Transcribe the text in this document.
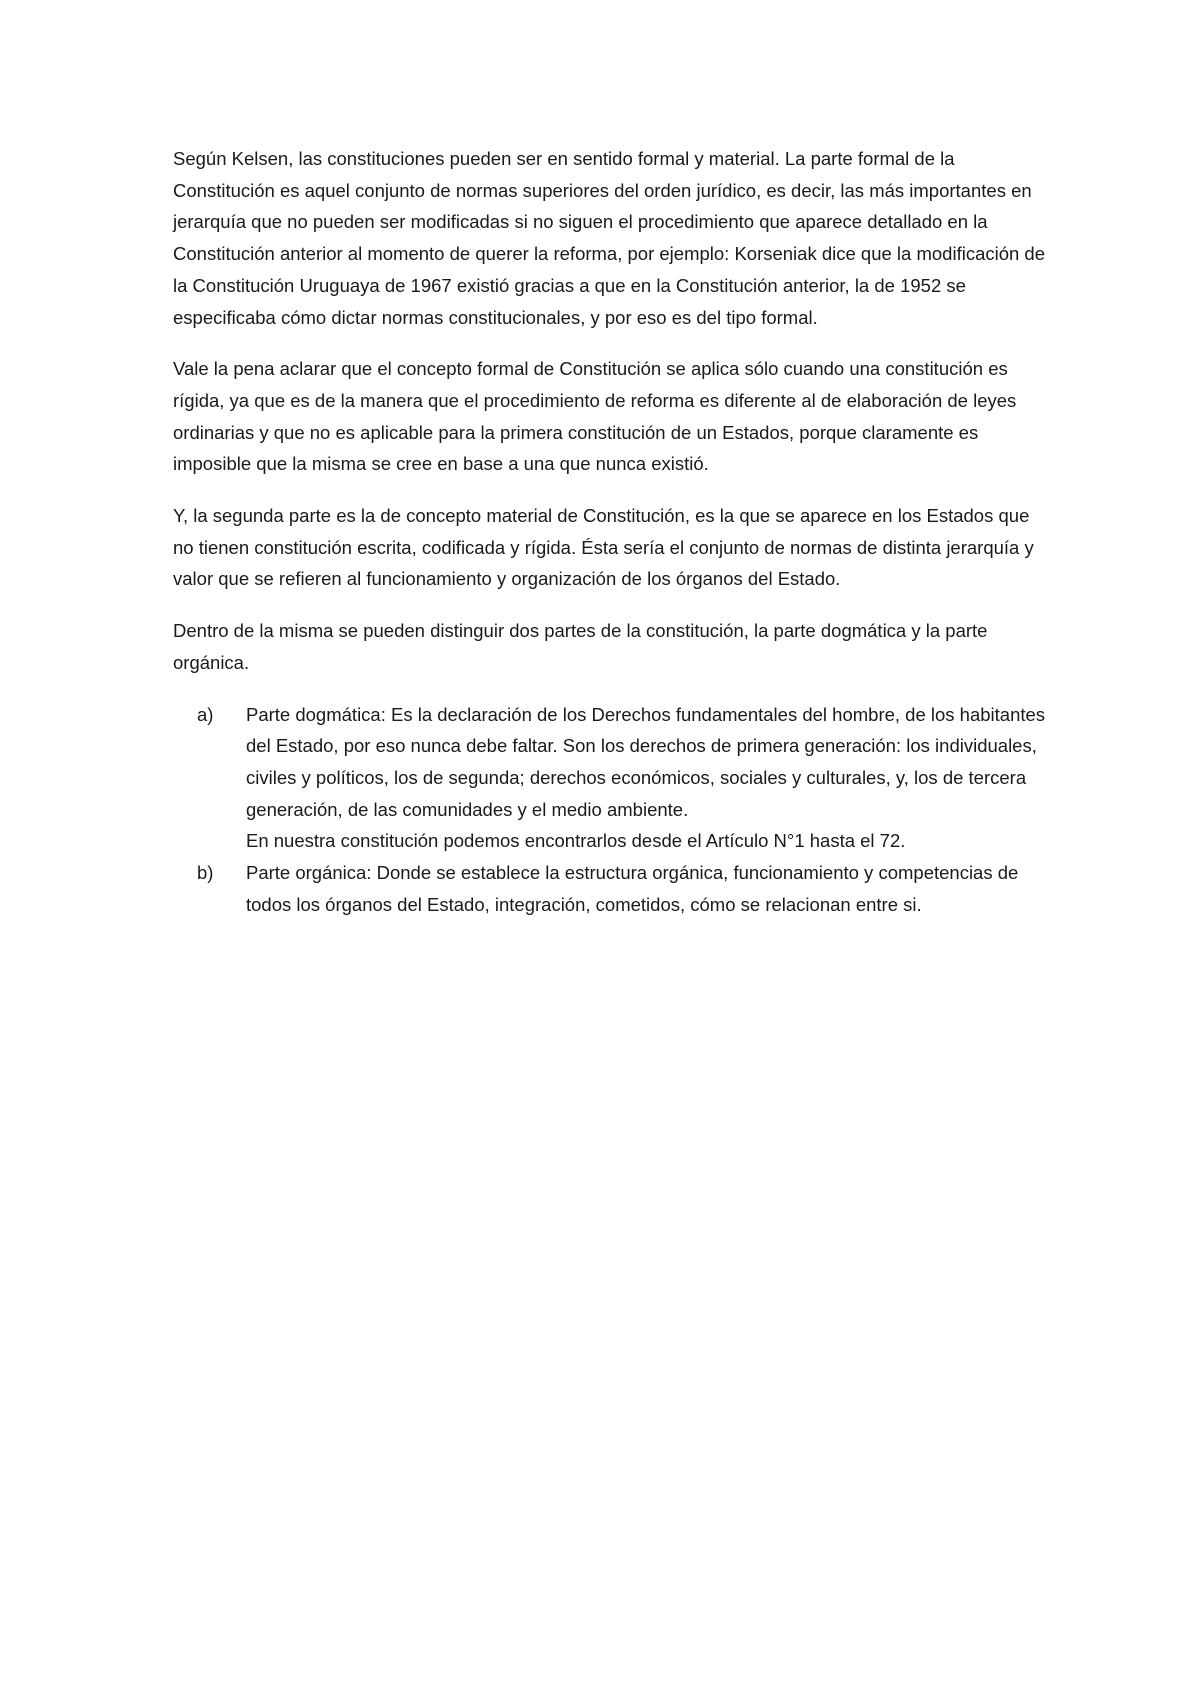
Según Kelsen, las constituciones pueden ser en sentido formal y material. La parte formal de la Constitución es aquel conjunto de normas superiores del orden jurídico, es decir, las más importantes en jerarquía que no pueden ser modificadas si no siguen el procedimiento que aparece detallado en la Constitución anterior al momento de querer la reforma, por ejemplo: Korseniak dice que la modificación de la Constitución Uruguaya de 1967 existió gracias a que en la Constitución anterior, la de 1952 se especificaba cómo dictar normas constitucionales, y por eso es del tipo formal.

Vale la pena aclarar que el concepto formal de Constitución se aplica sólo cuando una constitución es rígida, ya que es de la manera que el procedimiento de reforma es diferente al de elaboración de leyes ordinarias y que no es aplicable para la primera constitución de un Estados, porque claramente es imposible que la misma se cree en base a una que nunca existió.

Y, la segunda parte es la de concepto material de Constitución, es la que se aparece en los Estados que no tienen constitución escrita, codificada y rígida. Ésta sería el conjunto de normas de distinta jerarquía y valor que se refieren al funcionamiento y organización de los órganos del Estado.

Dentro de la misma se pueden distinguir dos partes de la constitución, la parte dogmática y la parte orgánica.

a) Parte dogmática: Es la declaración de los Derechos fundamentales del hombre, de los habitantes del Estado, por eso nunca debe faltar. Son los derechos de primera generación: los individuales, civiles y políticos, los de segunda; derechos económicos, sociales y culturales, y, los de tercera generación, de las comunidades y el medio ambiente.
En nuestra constitución podemos encontrarlos desde el Artículo N°1 hasta el 72.
b) Parte orgánica: Donde se establece la estructura orgánica, funcionamiento y competencias de todos los órganos del Estado, integración, cometidos, cómo se relacionan entre si.
